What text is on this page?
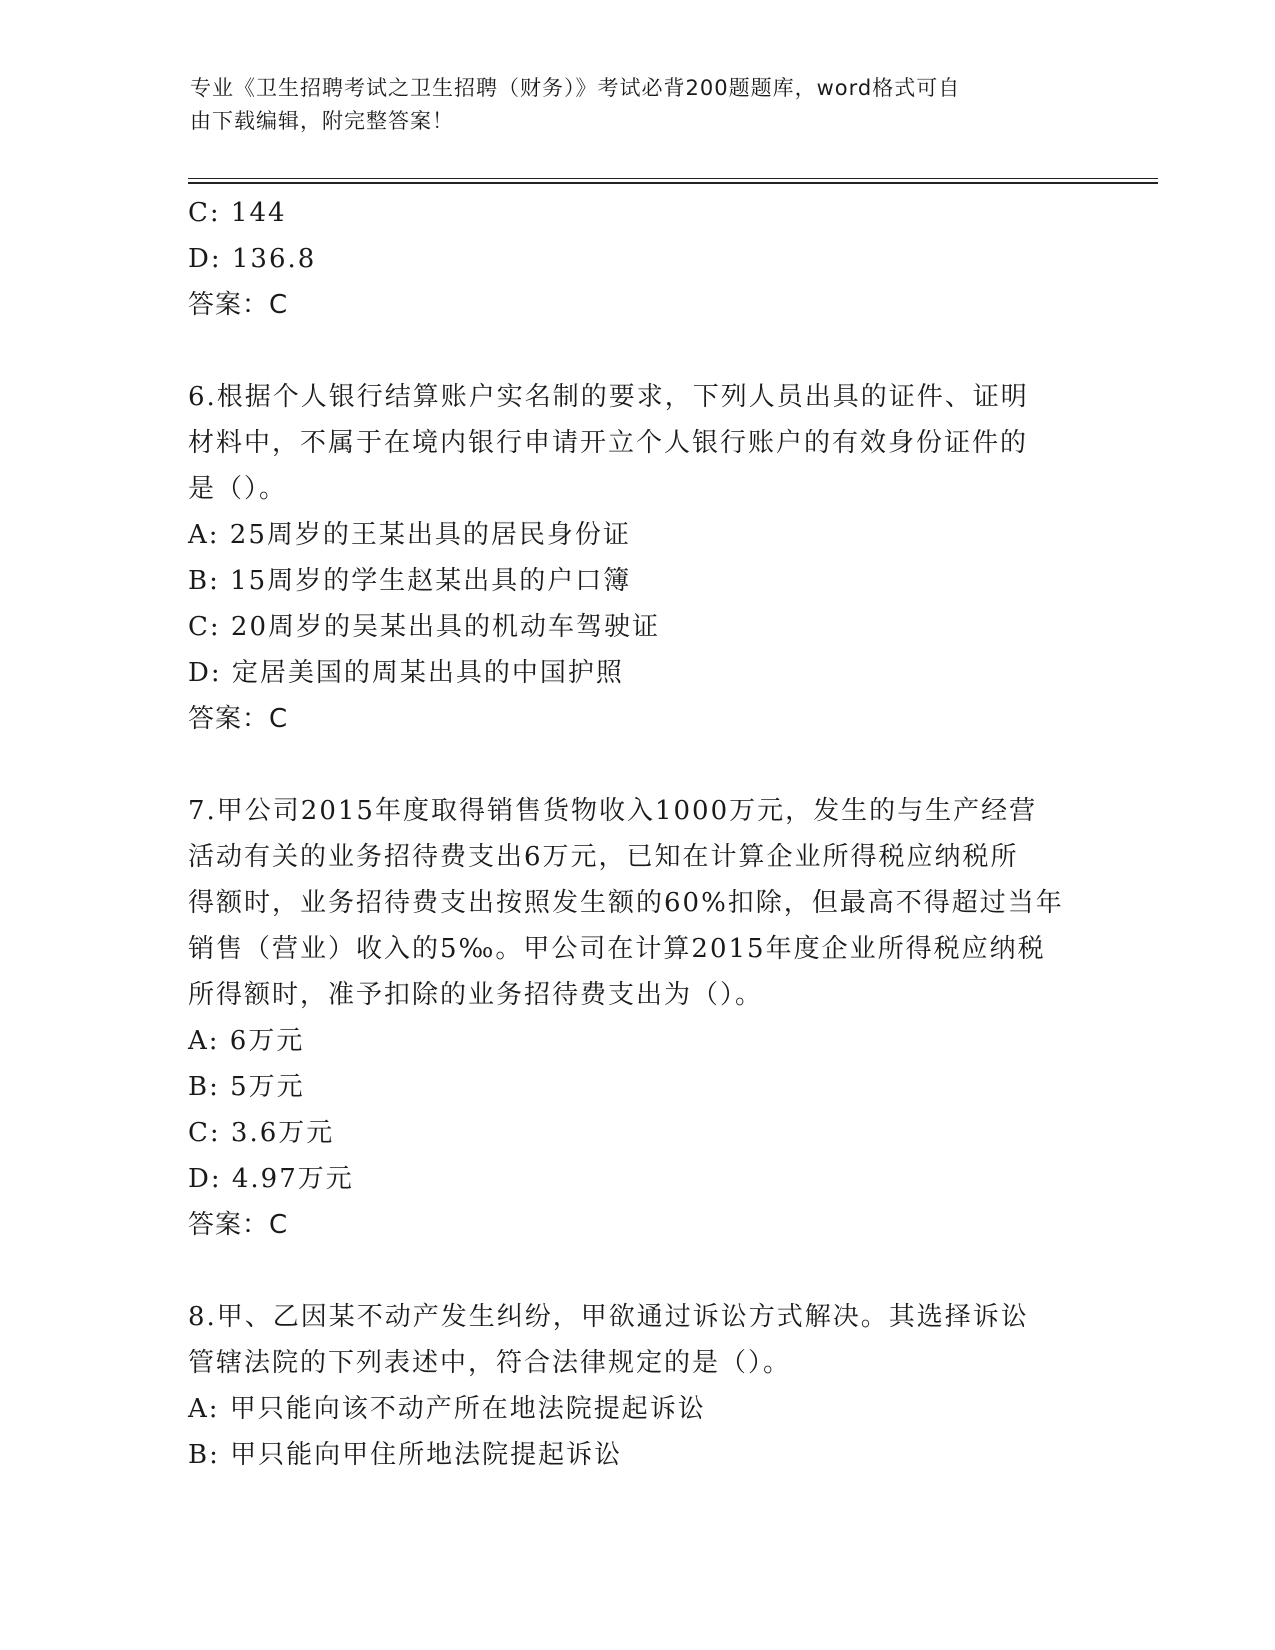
专业《卫生招聘考试之卫生招聘（财务）》考试必背200题题库，word格式可自
由下载编辑，附完整答案！
C: 144
D: 136.8
答案：C
6.根据个人银行结算账户实名制的要求，下列人员出具的证件、证明
材料中，不属于在境内银行申请开立个人银行账户的有效身份证件的
是（）。
A: 25周岁的王某出具的居民身份证
B: 15周岁的学生赵某出具的户口簿
C: 20周岁的吴某出具的机动车驾驶证
D: 定居美国的周某出具的中国护照
答案：C
7.甲公司2015年度取得销售货物收入1000万元，发生的与生产经营
活动有关的业务招待费支出6万元，已知在计算企业所得税应纳税所
得额时，业务招待费支出按照发生额的60%扣除，但最高不得超过当年
销售（营业）收入的5‰。甲公司在计算2015年度企业所得税应纳税
所得额时，准予扣除的业务招待费支出为（）。
A: 6万元
B: 5万元
C: 3.6万元
D: 4.97万元
答案：C
8.甲、乙因某不动产发生纠纷，甲欲通过诉讼方式解决。其选择诉讼
管辖法院的下列表述中，符合法律规定的是（）。
A: 甲只能向该不动产所在地法院提起诉讼
B: 甲只能向甲住所地法院提起诉讼
